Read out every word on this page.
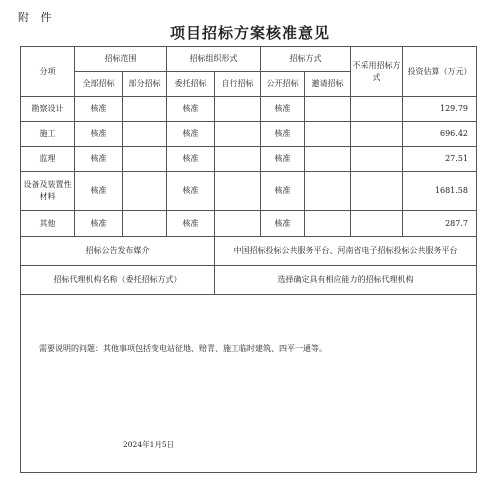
附 件
项目招标方案核准意见
分项	招标范围		招标组织形式		招标方式		不采用招标方式	投资估算（万元）
	全部招标	部分招标	委托招标	自行招标	公开招标	邀请招标		
勘察设计	核准		核准		核准			129.79
施工	核准		核准		核准			696.42
监理	核准		核准		核准			27.51
设备及装置性材料	核准		核准		核准			1681.58
其他	核准		核准		核准			287.7
招标公告发布媒介				中国招标投标公共服务平台、河南省电子招标投标公共服务平台				
招标代理机构名称（委托招标方式）				选择确定具有相应能力的招标代理机构				

需要说明的问题：其他事项包括变电站征地、赔青、施工临时建筑、四平一通等。
2024年1月5日								
